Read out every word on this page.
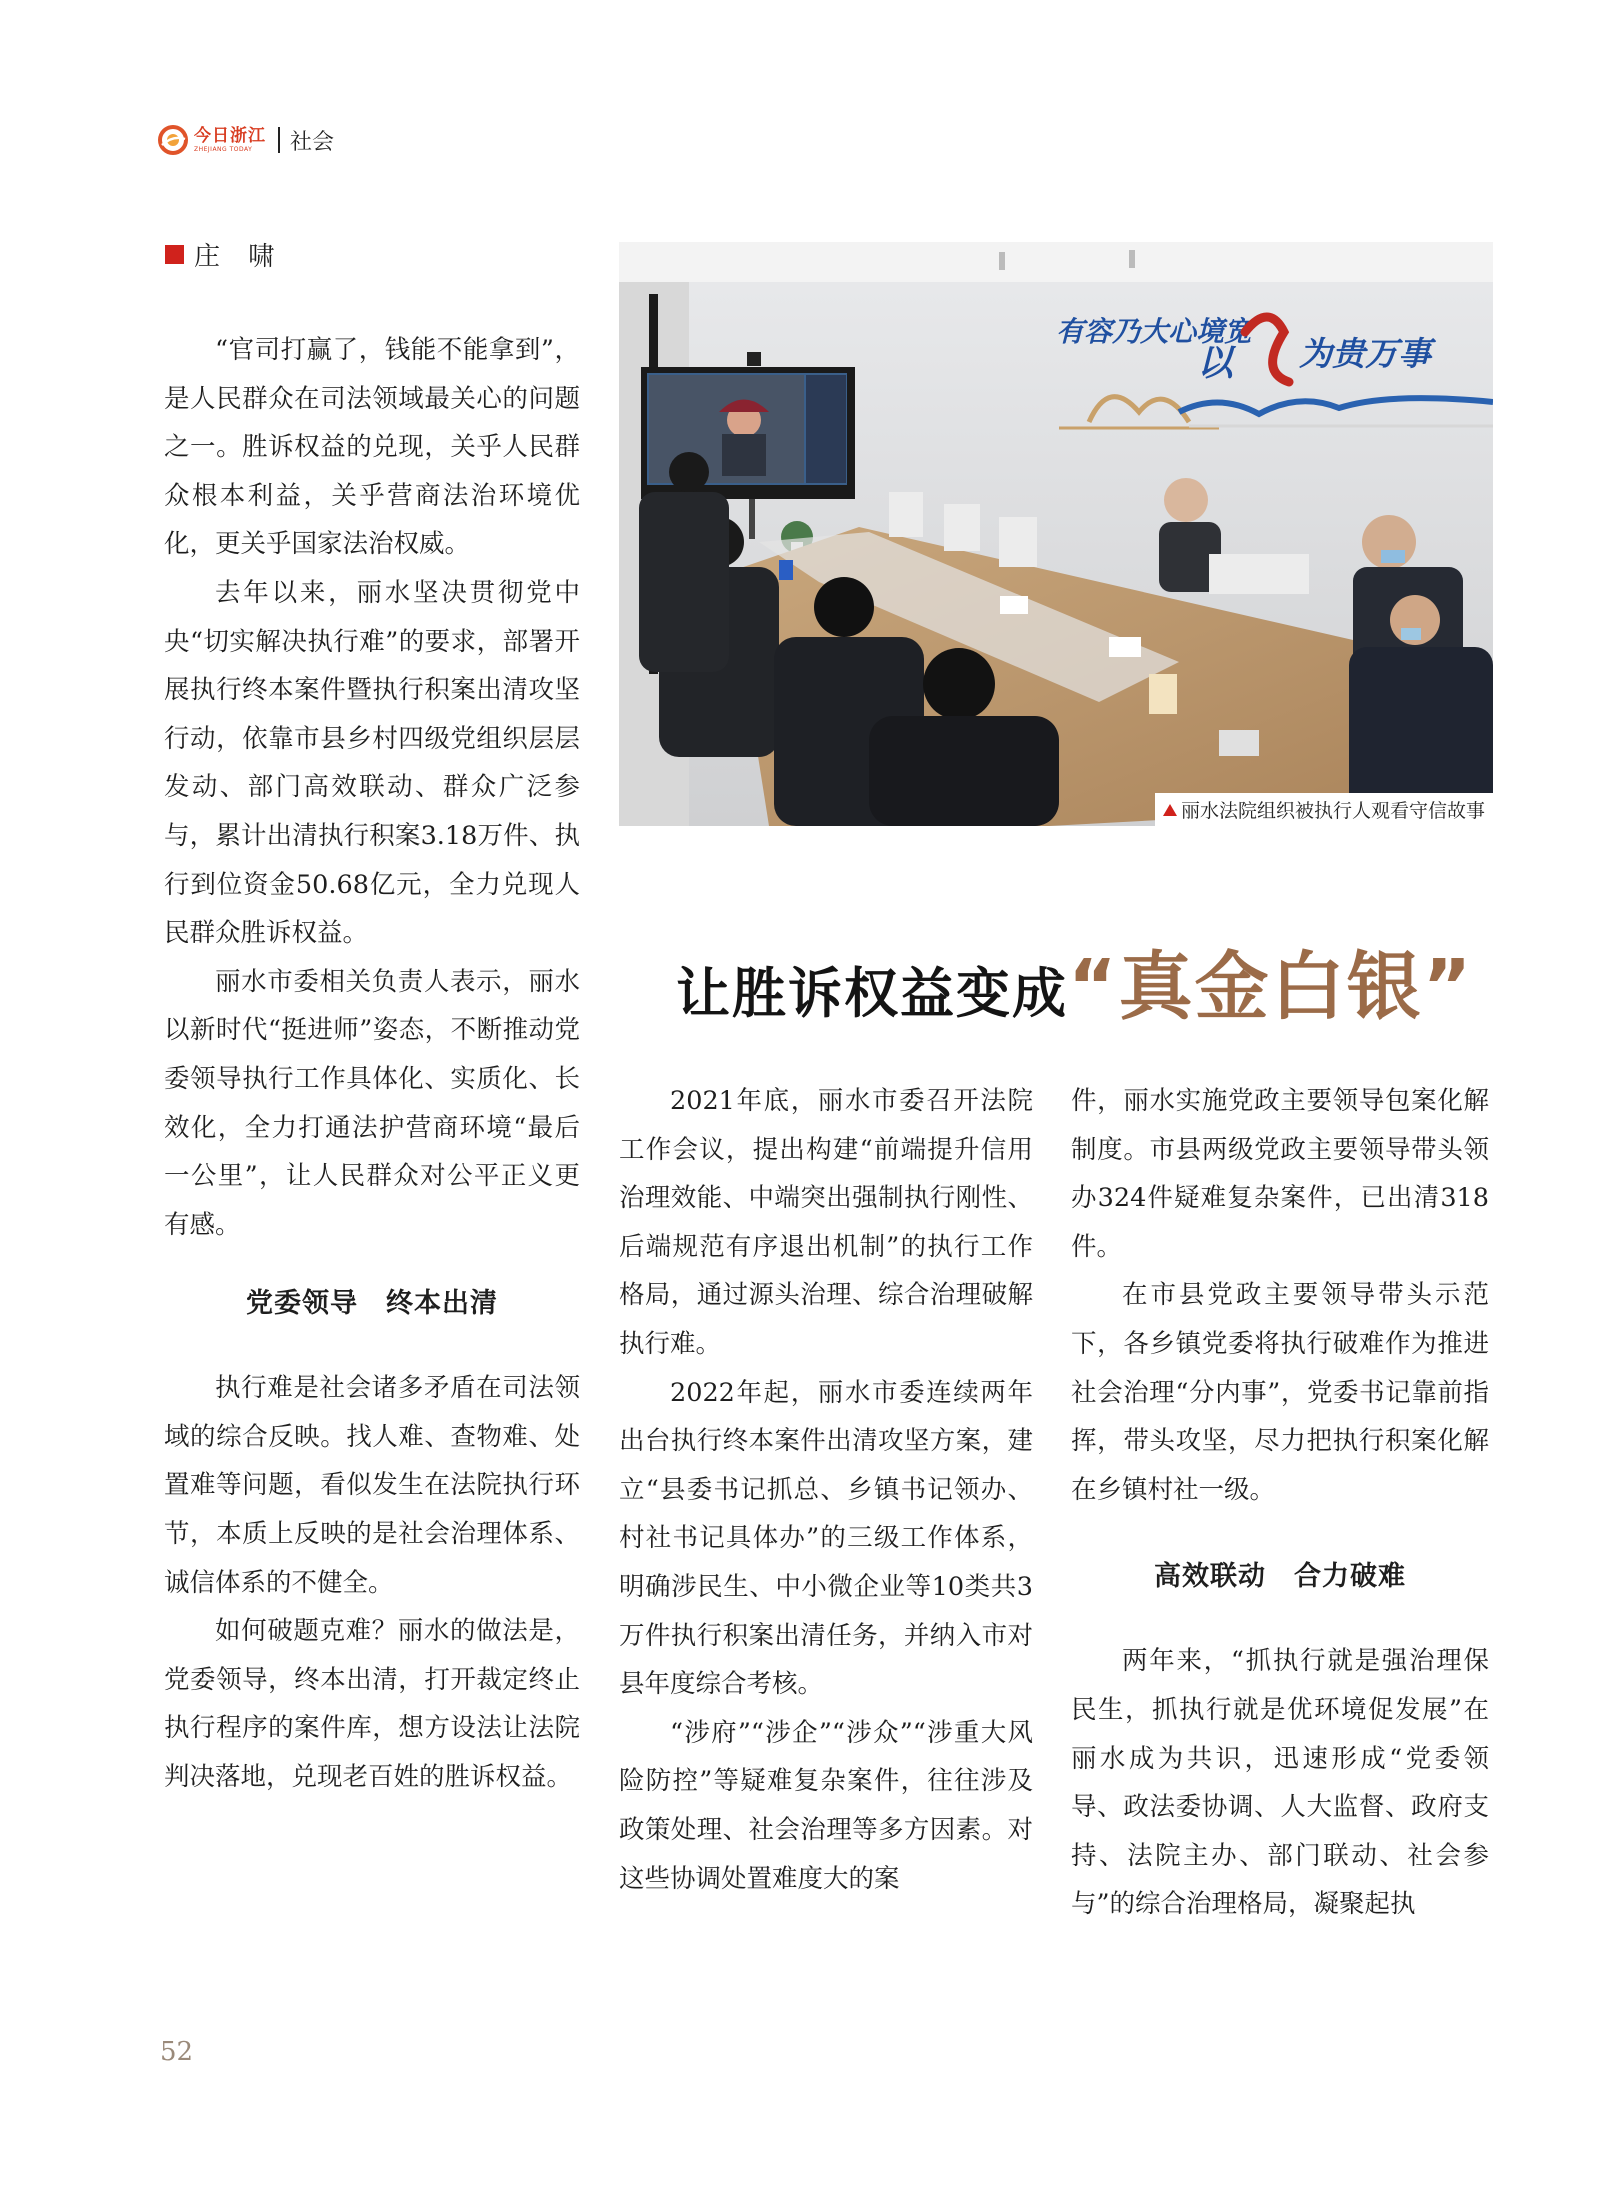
今日浙江
ZHEJIANG TODAY	社会
庄 啸

“官司打赢了，钱能不能拿到”，是人民群众在司法领域最关心的问题之一。胜诉权益的兑现，关乎人民群众根本利益，关乎营商法治环境优化，更关乎国家法治权威。

去年以来，丽水坚决贯彻党中央“切实解决执行难”的要求，部署开展执行终本案件暨执行积案出清攻坚行动，依靠市县乡村四级党组织层层发动、部门高效联动、群众广泛参与，累计出清执行积案3.18万件、执行到位资金50.68亿元，全力兑现人民群众胜诉权益。

丽水市委相关负责人表示，丽水以新时代“挺进师”姿态，不断推动党委领导执行工作具体化、实质化、长效化，全力打通法护营商环境“最后一公里”，让人民群众对公平正义更有感。

党委领导　终本出清

执行难是社会诸多矛盾在司法领域的综合反映。找人难、查物难、处置难等问题，看似发生在法院执行环节，本质上反映的是社会治理体系、诚信体系的不健全。

如何破题克难？丽水的做法是，党委领导，终本出清，打开裁定终止执行程序的案件库，想方设法让法院判决落地，兑现老百姓的胜诉权益。

有容乃大心境宽
以 为贵万事
丽水法院组织被执行人观看守信故事
让胜诉权益变成 “真金白银”

2021年底，丽水市委召开法院工作会议，提出构建“前端提升信用治理效能、中端突出强制执行刚性、后端规范有序退出机制”的执行工作格局，通过源头治理、综合治理破解执行难。

2022年起，丽水市委连续两年出台执行终本案件出清攻坚方案，建立“县委书记抓总、乡镇书记领办、村社书记具体办”的三级工作体系，明确涉民生、中小微企业等10类共3万件执行积案出清任务，并纳入市对县年度综合考核。

“涉府”“涉企”“涉众”“涉重大风险防控”等疑难复杂案件，往往涉及政策处理、社会治理等多方因素。对这些协调处置难度大的案

件，丽水实施党政主要领导包案化解制度。市县两级党政主要领导带头领办324件疑难复杂案件，已出清318件。

在市县党政主要领导带头示范下，各乡镇党委将执行破难作为推进社会治理“分内事”，党委书记靠前指挥，带头攻坚，尽力把执行积案化解在乡镇村社一级。

高效联动　合力破难

两年来，“抓执行就是强治理保民生，抓执行就是优环境促发展”在丽水成为共识，迅速形成“党委领导、政法委协调、人大监督、政府支持、法院主办、部门联动、社会参与”的综合治理格局，凝聚起执

52
